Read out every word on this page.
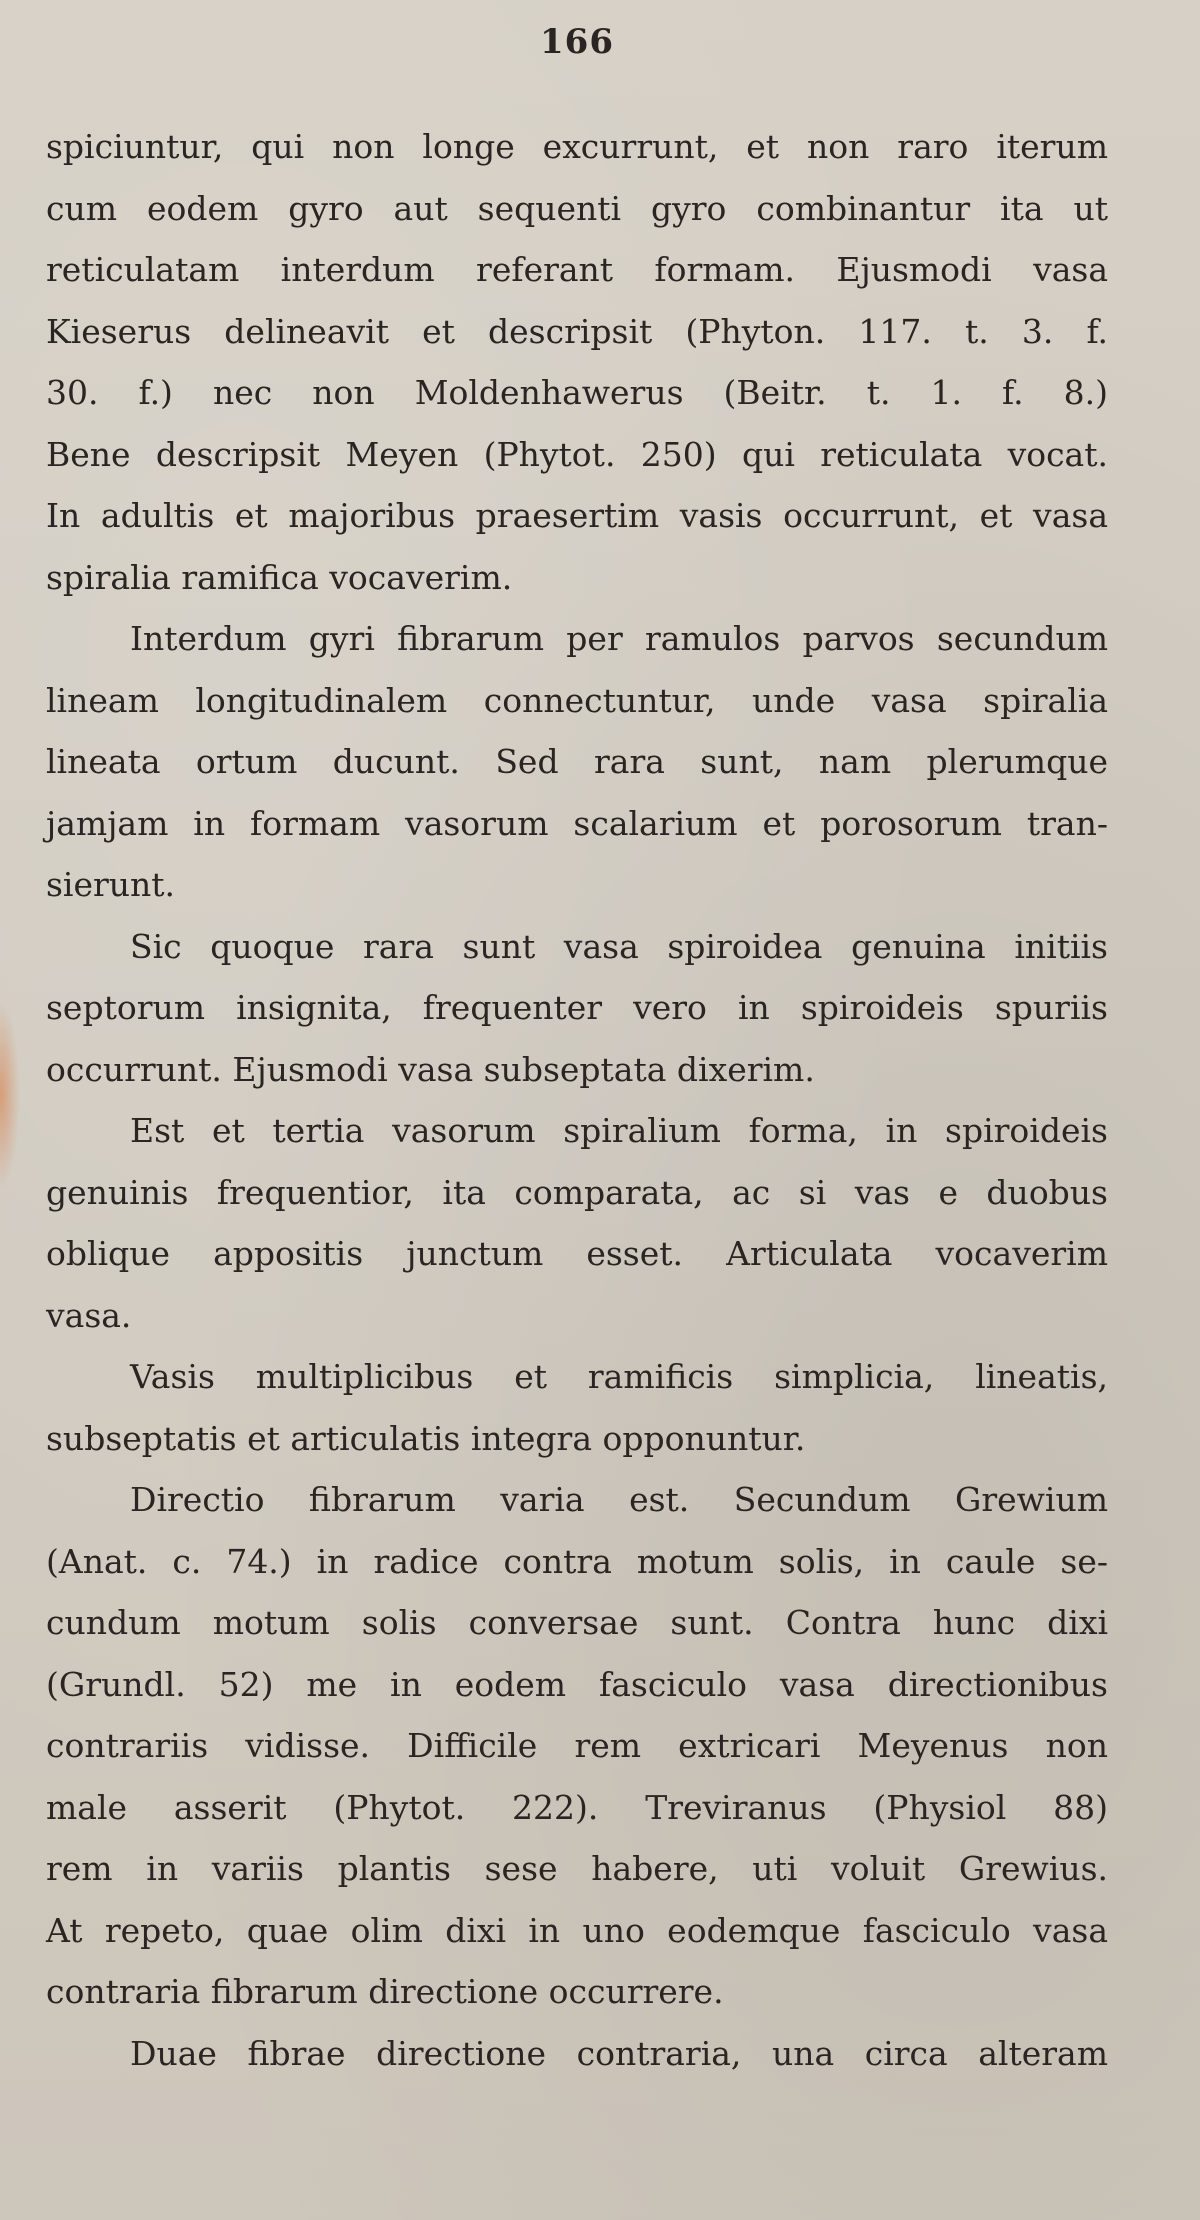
166
spiciuntur, qui non longe excurrunt, et non raro iterum
cum eodem gyro aut sequenti gyro combinantur ita ut
reticulatam interdum referant formam. Ejusmodi vasa
Kieserus delineavit et descripsit (Phyton. 117. t. 3. f.
30. f.) nec non Moldenhawerus (Beitr. t. 1. f. 8.)
Bene descripsit Meyen (Phytot. 250) qui reticulata vocat.
In adultis et majoribus praesertim vasis occurrunt, et vasa
spiralia ramifica vocaverim.
Interdum gyri fibrarum per ramulos parvos secundum
lineam longitudinalem connectuntur, unde vasa spiralia
lineata ortum ducunt. Sed rara sunt, nam plerumque
jamjam in formam vasorum scalarium et porosorum tran-
sierunt.
Sic quoque rara sunt vasa spiroidea genuina initiis
septorum insignita, frequenter vero in spiroideis spuriis
occurrunt. Ejusmodi vasa subseptata dixerim.
Est et tertia vasorum spiralium forma, in spiroideis
genuinis frequentior, ita comparata, ac si vas e duobus
oblique appositis junctum esset. Articulata vocaverim
vasa.
Vasis multiplicibus et ramificis simplicia, lineatis,
subseptatis et articulatis integra opponuntur.
Directio fibrarum varia est. Secundum Grewium
(Anat. c. 74.) in radice contra motum solis, in caule se-
cundum motum solis conversae sunt. Contra hunc dixi
(Grundl. 52) me in eodem fasciculo vasa directionibus
contrariis vidisse. Difficile rem extricari Meyenus non
male asserit (Phytot. 222). Treviranus (Physiol 88)
rem in variis plantis sese habere, uti voluit Grewius.
At repeto, quae olim dixi in uno eodemque fasciculo vasa
contraria fibrarum directione occurrere.
Duae fibrae directione contraria, una circa alteram
